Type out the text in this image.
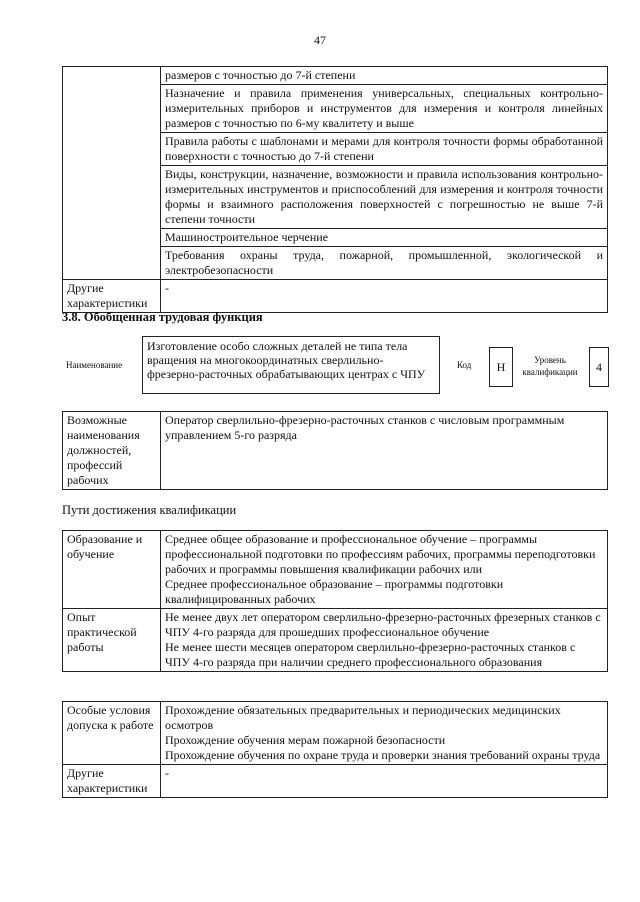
47
	размеров с точностью до 7-й степени
	Назначение и правила применения универсальных, специальных контрольно-измерительных приборов и инструментов для измерения и контроля линейных размеров с точностью по 6-му квалитету и выше
	Правила работы с шаблонами и мерами для контроля точности формы обработанной поверхности с точностью до 7-й степени
	Виды, конструкции, назначение, возможности и правила использования контрольно-измерительных инструментов и приспособлений для измерения и контроля точности формы и взаимного расположения поверхностей с погрешностью не выше 7-й степени точности
	Машиностроительное черчение
	Требования охраны труда, пожарной, промышленной, экологической и электробезопасности
Другие характеристики	-
3.8. Обобщенная трудовая функция
Наименование
Изготовление особо сложных деталей не типа тела вращения на многокоординатных сверлильно-фрезерно-расточных обрабатывающих центрах с ЧПУ
Код	H	Уровень квалификации	4
Возможные наименования должностей, профессий рабочих	Оператор сверлильно-фрезерно-расточных станков с числовым программным управлением 5-го разряда
Пути достижения квалификации
Образование и обучение	Среднее общее образование и профессиональное обучение – программы профессиональной подготовки по профессиям рабочих, программы переподготовки рабочих и программы повышения квалификации рабочих или
Среднее профессиональное образование – программы подготовки квалифицированных рабочих

Опыт практической работы	Не менее двух лет оператором сверлильно-фрезерно-расточных фрезерных станков с ЧПУ 4-го разряда для прошедших профессиональное обучение
Не менее шести месяцев оператором сверлильно-фрезерно-расточных станков с ЧПУ 4-го разряда при наличии среднего профессионального образования
Особые условия допуска к работе	Прохождение обязательных предварительных и периодических медицинских осмотров
Прохождение обучения мерам пожарной безопасности
Прохождение обучения по охране труда и проверки знания требований охраны труда

Другие характеристики	-
